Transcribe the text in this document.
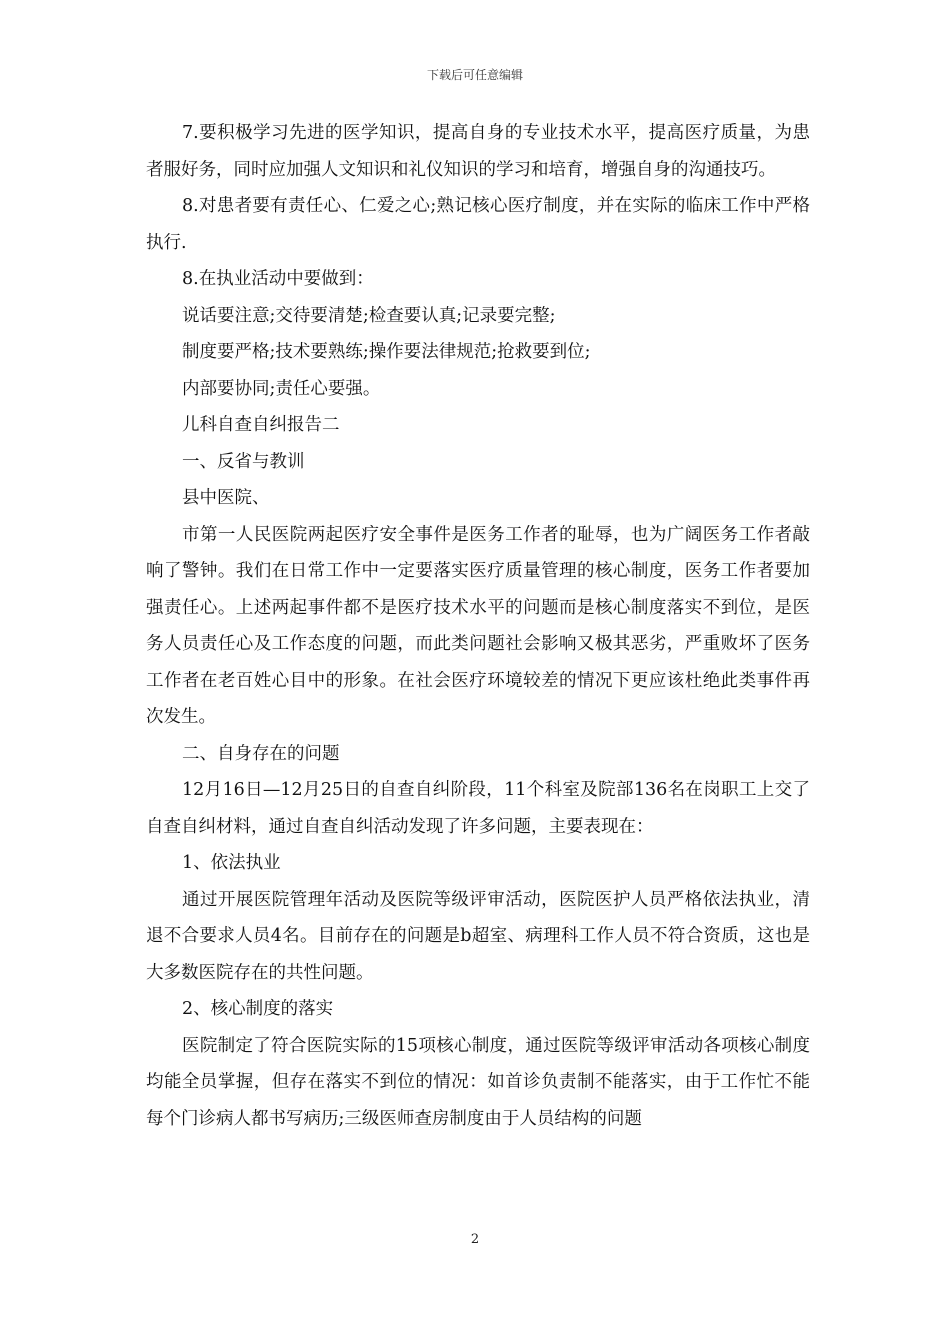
下载后可任意编辑

7.要积极学习先进的医学知识，提高自身的专业技术水平，提高医疗质量，为患者服好务，同时应加强人文知识和礼仪知识的学习和培育，增强自身的沟通技巧。

8.对患者要有责任心、仁爱之心;熟记核心医疗制度，并在实际的临床工作中严格执行.

8.在执业活动中要做到：

说话要注意;交待要清楚;检查要认真;记录要完整;

制度要严格;技术要熟练;操作要法律规范;抢救要到位;

内部要协同;责任心要强。

儿科自查自纠报告二

一、反省与教训

县中医院、

市第一人民医院两起医疗安全事件是医务工作者的耻辱，也为广阔医务工作者敲响了警钟。我们在日常工作中一定要落实医疗质量管理的核心制度，医务工作者要加强责任心。上述两起事件都不是医疗技术水平的问题而是核心制度落实不到位，是医务人员责任心及工作态度的问题，而此类问题社会影响又极其恶劣，严重败坏了医务工作者在老百姓心目中的形象。在社会医疗环境较差的情况下更应该杜绝此类事件再次发生。

二、自身存在的问题

12月16日—12月25日的自查自纠阶段，11个科室及院部136名在岗职工上交了自查自纠材料，通过自查自纠活动发现了许多问题，主要表现在：

1、依法执业

通过开展医院管理年活动及医院等级评审活动，医院医护人员严格依法执业，清退不合要求人员4名。目前存在的问题是b超室、病理科工作人员不符合资质，这也是大多数医院存在的共性问题。

2、核心制度的落实

医院制定了符合医院实际的15项核心制度，通过医院等级评审活动各项核心制度均能全员掌握，但存在落实不到位的情况：如首诊负责制不能落实，由于工作忙不能每个门诊病人都书写病历;三级医师查房制度由于人员结构的问题

2
